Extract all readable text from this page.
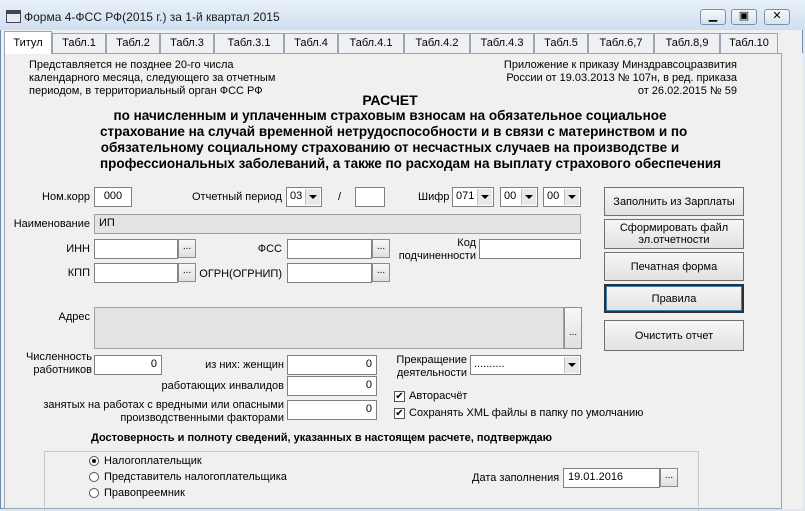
Форма 4-ФСС РФ(2015 г.) за 1-й квартал 2015	▁	▣	✕
Титул	Табл.1	Табл.2	Табл.3	Табл.3.1	Табл.4	Табл.4.1	Табл.4.2	Табл.4.3	Табл.5	Табл.6,7	Табл.8,9	Табл.10
Представляется не позднее 20-го числа
календарного месяца, следующего за отчетным
периодом, в территориальный орган ФСС РФ
Приложение к приказу Минздравсоцразвития
России от 19.03.2013 № 107н, в ред. приказа
от 26.02.2015 № 59
РАСЧЕТ
по начисленным и уплаченным страховым взносам на обязательное социальное
страхование на случай временной нетрудоспособности и в связи с материнством и по
обязательному социальному страхованию от несчастных случаев на производстве и
профессиональных заболеваний, а также по расходам на выплату страхового обеспечения
Ном.корр	000	Отчетный период 03	/	Шифр 071	00	00
Наименование ИП
ИНН	...	ФСС	...	Код
подчиненности
КПП	... ОГРН(ОГРНИП)	...
Адрес
...
Численность
работников	0	из них: женщин	0
работающих инвалидов	0
занятых на работах с вредными или опасными
производственными факторами
0
Прекращение
деятельности
..........
✔ Авторасчёт
✔ Сохранять XML файлы в папку по умолчанию
Заполнить из Зарплаты
Сформировать файл
эл.отчетности
Печатная форма
Правила
Очистить отчет
Достоверность и полноту сведений, указанных в настоящем расчете, подтверждаю
Налогоплательщик
Представитель налогоплательщика
Правопреемник
Дата заполнения 19.01.2016	...
